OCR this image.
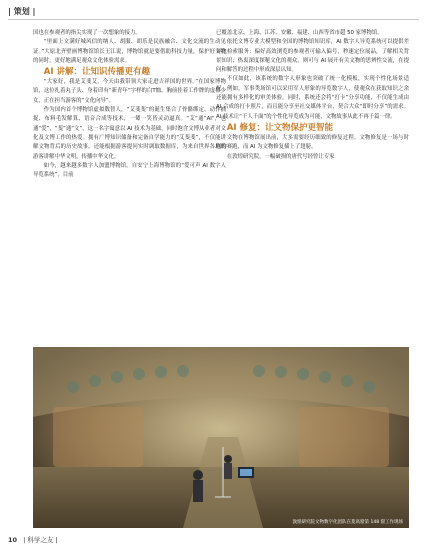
| 策划 |

国也在参观者的指尖实现了一次想象的接力。

“里面上文满好城风信的纳人、胡服、胡乐是民族融合、文化交流的生动见证。”大原北齐壁画博物馆馆长王江说，博物馆就是要借助科技力量，保护好文物的同时，更好地满足观众文化体验需求。

AI 讲解：让知识传播更有趣

“大家好，我是艾斐艾，今天由我带领大家走进吉祥国的世界。”在国家博物馆，这位扎着丸子头、身着印有“新青年”字样的白T恤、胸前挂着工作牌的虚拟少女，正在担当游客的“文化向导”。

作为国内首个博物馆虚拟数智人，“艾斐斐”的诞生集合了骨骼绑定、动作捕捉、布料毛发解算、语音合成等技术，一颦一笑皆灵动逼真。“艾”通“AI”，也通“爱”，“斐”通“文”，这一名字寓意以 AI 技术为基础，同时饱含文博从业者对文化及文博工作的热爱。拥有广博知识储备和完备自学能力的“艾斐斐”，不仅能讲解文物背后的历史故事，还能根据游客提问实时调取数据库，为来自世界各地的游客讲解中华文明，传播中华文化。

如今，越来越多数字人加盟博物馆。自安宁上海博物馆的“爱可声 AI 数字人导览系统”，目前

已覆盖北京、上海、江苏、安徽、福建、山西等省市超 50 家博物馆。

依托文博专业大模型和全国的博物馆知识库，AI 数字人导览系统可以提供差异化检索服务：偏好高效浏览的参观者可输入偏号，秒速定位展品，了解相关背景知识；热衷深度探秘文化的观众，则可与 AI 展开有关文物的思辨性交流，在提问和解答的过程中形成深层认知。

不仅如此，该系统的数字人形象也突破了统一化模板，实现个性化场景适配。例如，军事类场馆可以采用军人形象的导览数字人，使观众在获取知识之余还能拥有多样化的审美体验。同时，系统还会将“打卡”分享功能，不仅能生成由 AI 合成的打卡照片，而且能分享至社交媒体平台，契合大众“即时分享”的需求。AI 技术让“千人千面”的个性化导览成为可能，文物故事从此不再千篇一律。

AI 修复：让文物保护更智能

文物在博物馆展出前，大多需要经历细致的修复过程。文物修复是一场与时间的赛跑，而 AI 为文物修复插上了翅膀。

在敦煌研究院，一幅破损的唐代写经曾让专家

敦煌研究院文物数字化团队在莫高窟第 148 窟工作现场
10 | 科学之友 |
